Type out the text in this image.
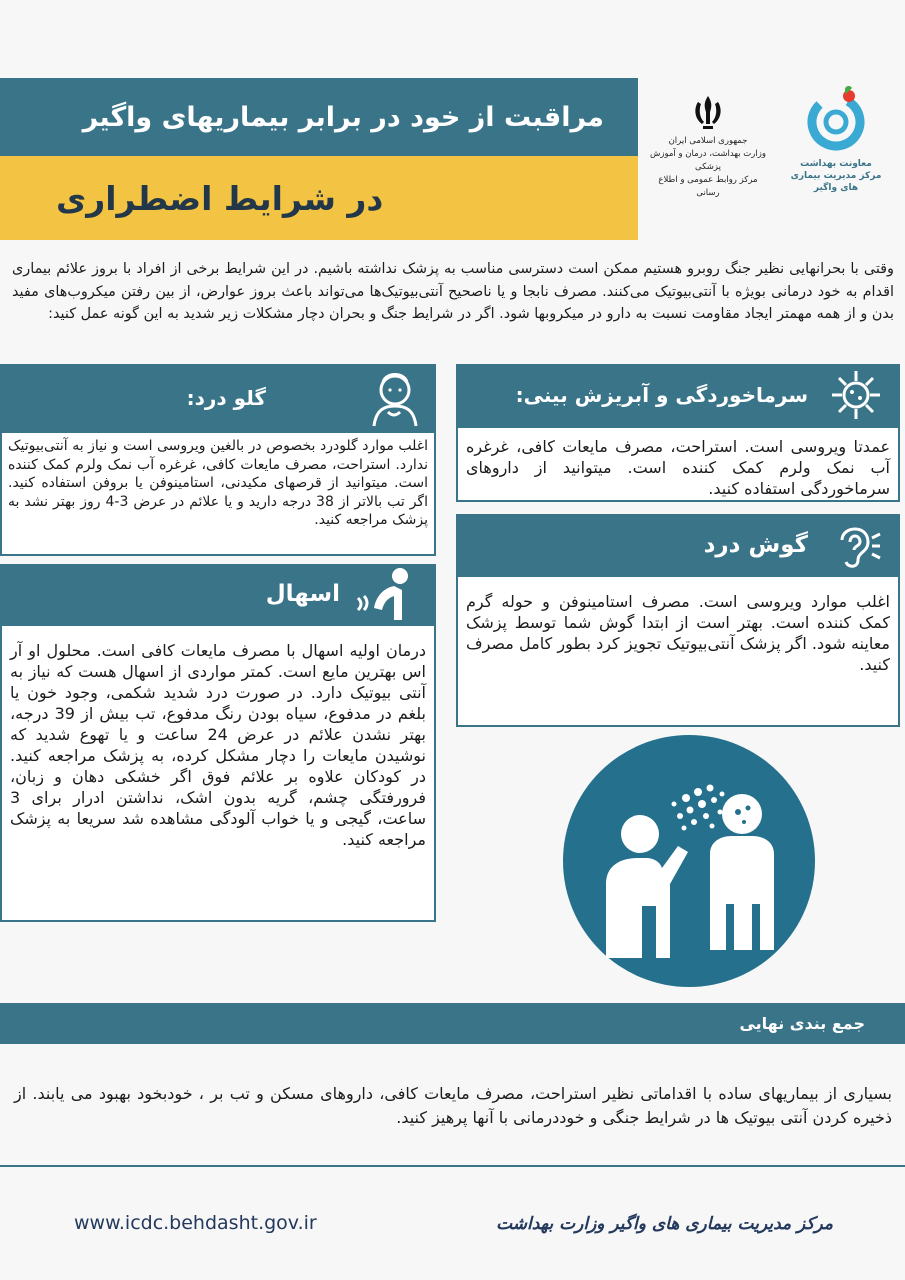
مراقبت از خود در برابر بیماریهای واگیر
در شرایط اضطراری
جمهوری اسلامی ایران
وزارت بهداشت، درمان و آموزش پزشکی
مرکز روابط عمومی و اطلاع رسانی
معاونت بهداشت
مرکز مدیریت بیماری های واگیر
وقتی با بحرانهایی نظیر جنگ روبرو هستیم ممکن است دسترسی مناسب به پزشک نداشته باشیم. در این شرایط برخی از افراد با بروز علائم بیماری اقدام به خود درمانی بویژه با آنتی‌بیوتیک می‌کنند. مصرف نابجا و یا ناصحیح آنتی‌بیوتیک‌ها می‌تواند باعث بروز عوارض، از بین رفتن میکروب‌های مفید بدن و از همه مهمتر ایجاد مقاومت نسبت به دارو در میکروبها شود. اگر در شرایط جنگ و بحران دچار مشکلات زیر شدید به این گونه عمل کنید:
گلو درد:
اغلب موارد گلودرد بخصوص در بالغین ویروسی است و نیاز به آنتی‌بیوتیک ندارد. استراحت، مصرف مایعات کافی، غرغره آب نمک ولرم کمک کننده است. میتوانید از قرصهای مکیدنی، استامینوفن یا بروفن استفاده کنید. اگر تب بالاتر از 38 درجه دارید و یا علائم در عرض 3-4 روز بهتر نشد به پزشک مراجعه کنید.
سرماخوردگی و آبریزش بینی:
عمدتا ویروسی است. استراحت، مصرف مایعات کافی، غرغره آب نمک ولرم کمک کننده است. میتوانید از داروهای سرماخوردگی استفاده کنید.
گوش درد
اغلب موارد ویروسی است. مصرف استامینوفن و حوله گرم کمک کننده است. بهتر است از ابتدا گوش شما توسط پزشک معاینه شود. اگر پزشک آنتی‌بیوتیک تجویز کرد بطور کامل مصرف کنید.
اسهال
درمان اولیه اسهال با مصرف مایعات کافی است. محلول او آر اس بهترین مایع است. کمتر مواردی از اسهال هست که نیاز به آنتی بیوتیک دارد. در صورت درد شدید شکمی، وجود خون یا بلغم در مدفوع، سیاه بودن رنگ مدفوع، تب بیش از 39 درجه، بهتر نشدن علائم در عرض 24 ساعت و یا تهوع شدید که نوشیدن مایعات را دچار مشکل کرده، به پزشک مراجعه کنید. در کودکان علاوه بر علائم فوق اگر خشکی دهان و زبان، فرورفتگی چشم، گریه بدون اشک، نداشتن ادرار برای 3 ساعت، گیجی و یا خواب آلودگی مشاهده شد سریعا به پزشک مراجعه کنید.
جمع بندی نهایی
بسیاری از بیماریهای ساده با اقداماتی نظیر استراحت، مصرف مایعات کافی، داروهای مسکن و تب بر ، خودبخود بهبود می یابند. از ذخیره کردن آنتی بیوتیک ها در شرایط جنگی و خوددرمانی با آنها پرهیز کنید.
www.icdc.behdasht.gov.ir	مرکز مدیریت بیماری های واگیر وزارت بهداشت
